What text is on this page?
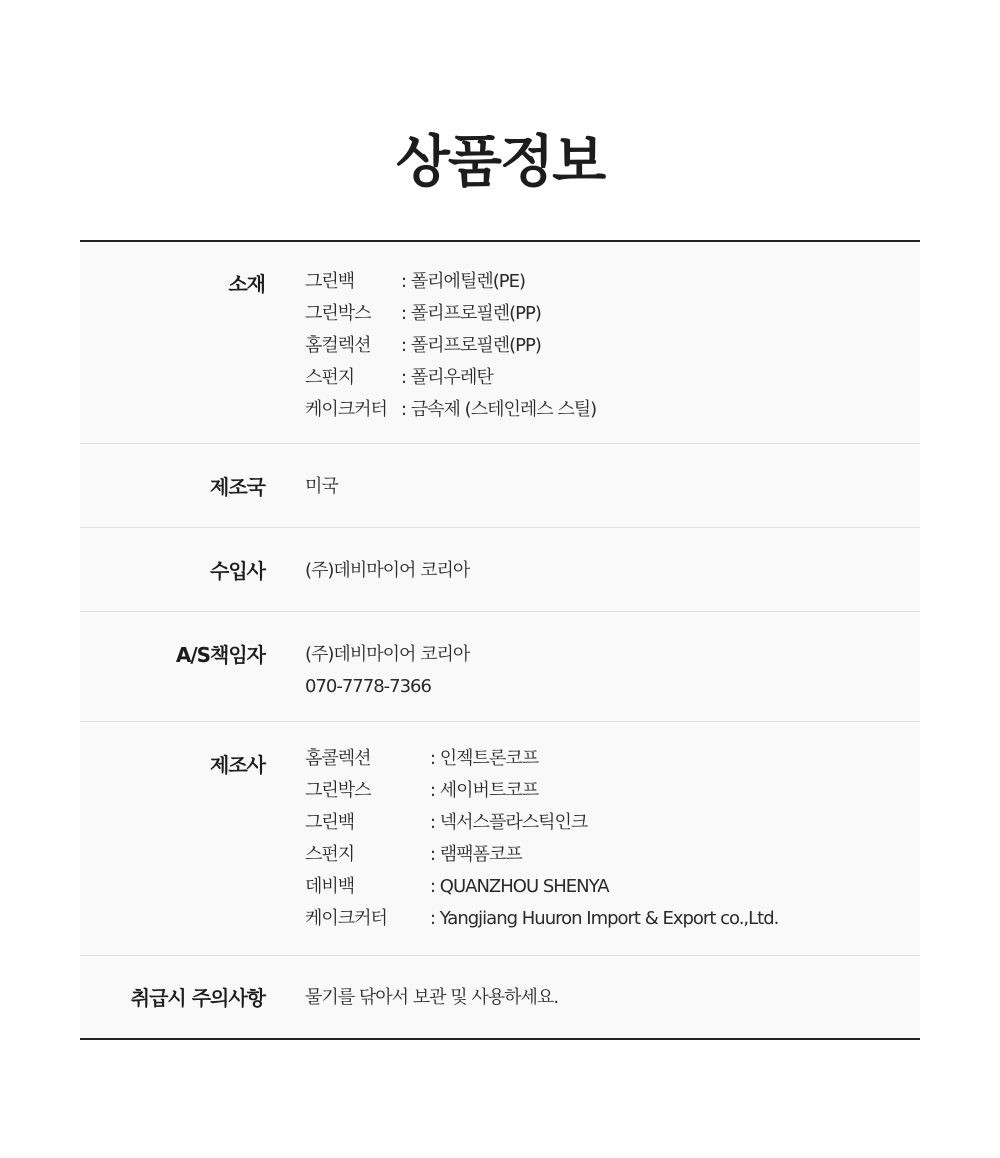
상품정보
소재 그린백	: 폴리에틸렌(PE)
그린박스	: 폴리프로필렌(PP)
홈컬렉션	: 폴리프로필렌(PP)
스펀지	: 폴리우레탄
케이크커터 : 금속제 (스테인레스 스틸)
제조국 미국
수입사 (주)데비마이어 코리아
A/S책임자 (주)데비마이어 코리아
070-7778-7366
제조사 홈콜렉션	: 인젝트론코프
그린박스	: 세이버트코프
그린백	: 넥서스플라스틱인크
스펀지	: 램팩폼코프
데비백	: QUANZHOU SHENYA
케이크커터	: Yangjiang Huuron Import & Export co.,Ltd.
취급시 주의사항 물기를 닦아서 보관 및 사용하세요.
